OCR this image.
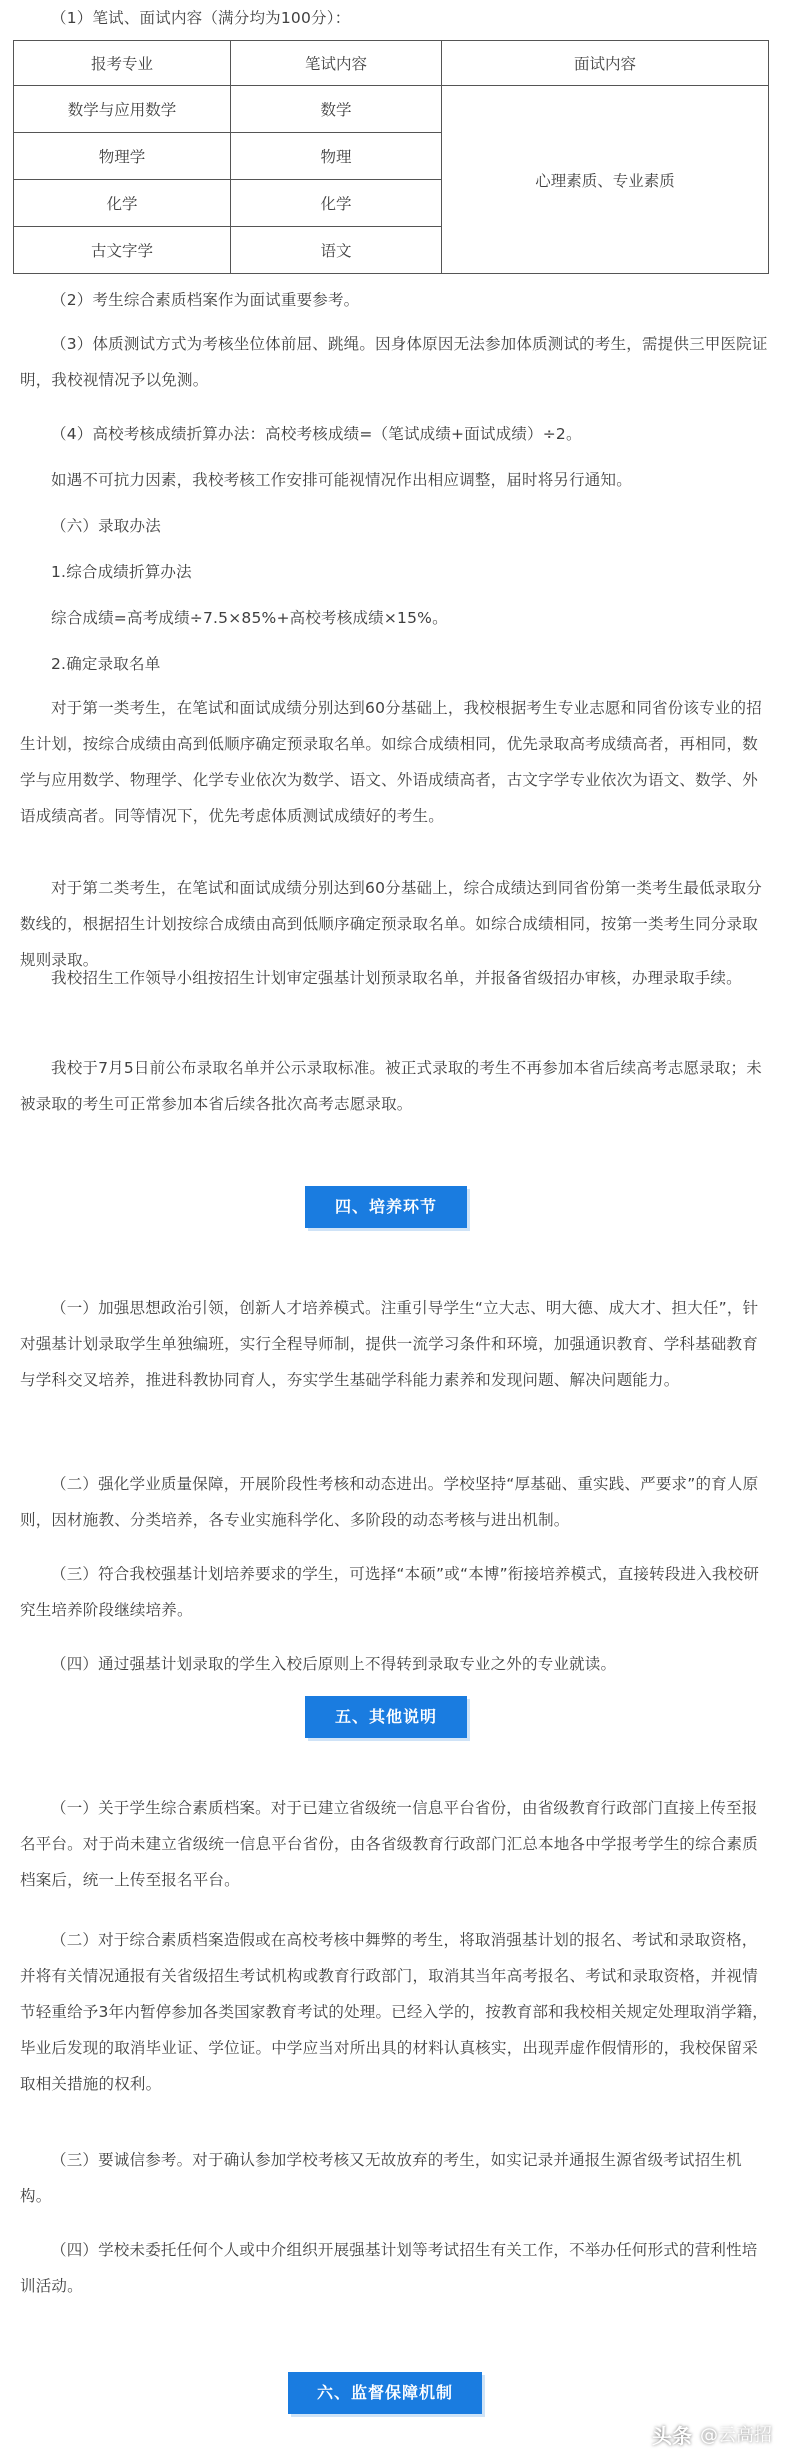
（1）笔试、面试内容（满分均为100分）：

报考专业	笔试内容	面试内容
数学与应用数学	数学	心理素质、专业素质
物理学	物理	
化学	化学	
古文字学	语文	

（2）考生综合素质档案作为面试重要参考。

（3）体质测试方式为考核坐位体前屈、跳绳。因身体原因无法参加体质测试的考生，需提供三甲医院证明，我校视情况予以免测。

（4）高校考核成绩折算办法：高校考核成绩=（笔试成绩+面试成绩）÷2。

如遇不可抗力因素，我校考核工作安排可能视情况作出相应调整，届时将另行通知。

（六）录取办法

1.综合成绩折算办法

综合成绩=高考成绩÷7.5×85%+高校考核成绩×15%。

2.确定录取名单

对于第一类考生，在笔试和面试成绩分别达到60分基础上，我校根据考生专业志愿和同省份该专业的招生计划，按综合成绩由高到低顺序确定预录取名单。如综合成绩相同，优先录取高考成绩高者，再相同，数学与应用数学、物理学、化学专业依次为数学、语文、外语成绩高者，古文字学专业依次为语文、数学、外语成绩高者。同等情况下，优先考虑体质测试成绩好的考生。

对于第二类考生，在笔试和面试成绩分别达到60分基础上，综合成绩达到同省份第一类考生最低录取分数线的，根据招生计划按综合成绩由高到低顺序确定预录取名单。如综合成绩相同，按第一类考生同分录取规则录取。

我校招生工作领导小组按招生计划审定强基计划预录取名单，并报备省级招办审核，办理录取手续。

我校于7月5日前公布录取名单并公示录取标准。被正式录取的考生不再参加本省后续高考志愿录取；未被录取的考生可正常参加本省后续各批次高考志愿录取。

四、培养环节

（一）加强思想政治引领，创新人才培养模式。注重引导学生“立大志、明大德、成大才、担大任”，针对强基计划录取学生单独编班，实行全程导师制，提供一流学习条件和环境，加强通识教育、学科基础教育与学科交叉培养，推进科教协同育人，夯实学生基础学科能力素养和发现问题、解决问题能力。

（二）强化学业质量保障，开展阶段性考核和动态进出。学校坚持“厚基础、重实践、严要求”的育人原则，因材施教、分类培养，各专业实施科学化、多阶段的动态考核与进出机制。

（三）符合我校强基计划培养要求的学生，可选择“本硕”或“本博”衔接培养模式，直接转段进入我校研究生培养阶段继续培养。

（四）通过强基计划录取的学生入校后原则上不得转到录取专业之外的专业就读。

五、其他说明

（一）关于学生综合素质档案。对于已建立省级统一信息平台省份，由省级教育行政部门直接上传至报名平台。对于尚未建立省级统一信息平台省份，由各省级教育行政部门汇总本地各中学报考学生的综合素质档案后，统一上传至报名平台。

（二）对于综合素质档案造假或在高校考核中舞弊的考生，将取消强基计划的报名、考试和录取资格，并将有关情况通报有关省级招生考试机构或教育行政部门，取消其当年高考报名、考试和录取资格，并视情节轻重给予3年内暂停参加各类国家教育考试的处理。已经入学的，按教育部和我校相关规定处理取消学籍，毕业后发现的取消毕业证、学位证。中学应当对所出具的材料认真核实，出现弄虚作假情形的，我校保留采取相关措施的权利。

（三）要诚信参考。对于确认参加学校考核又无故放弃的考生，如实记录并通报生源省级考试招生机构。

（四）学校未委托任何个人或中介组织开展强基计划等考试招生有关工作，不举办任何形式的营利性培训活动。

六、监督保障机制
头条 @云高招
